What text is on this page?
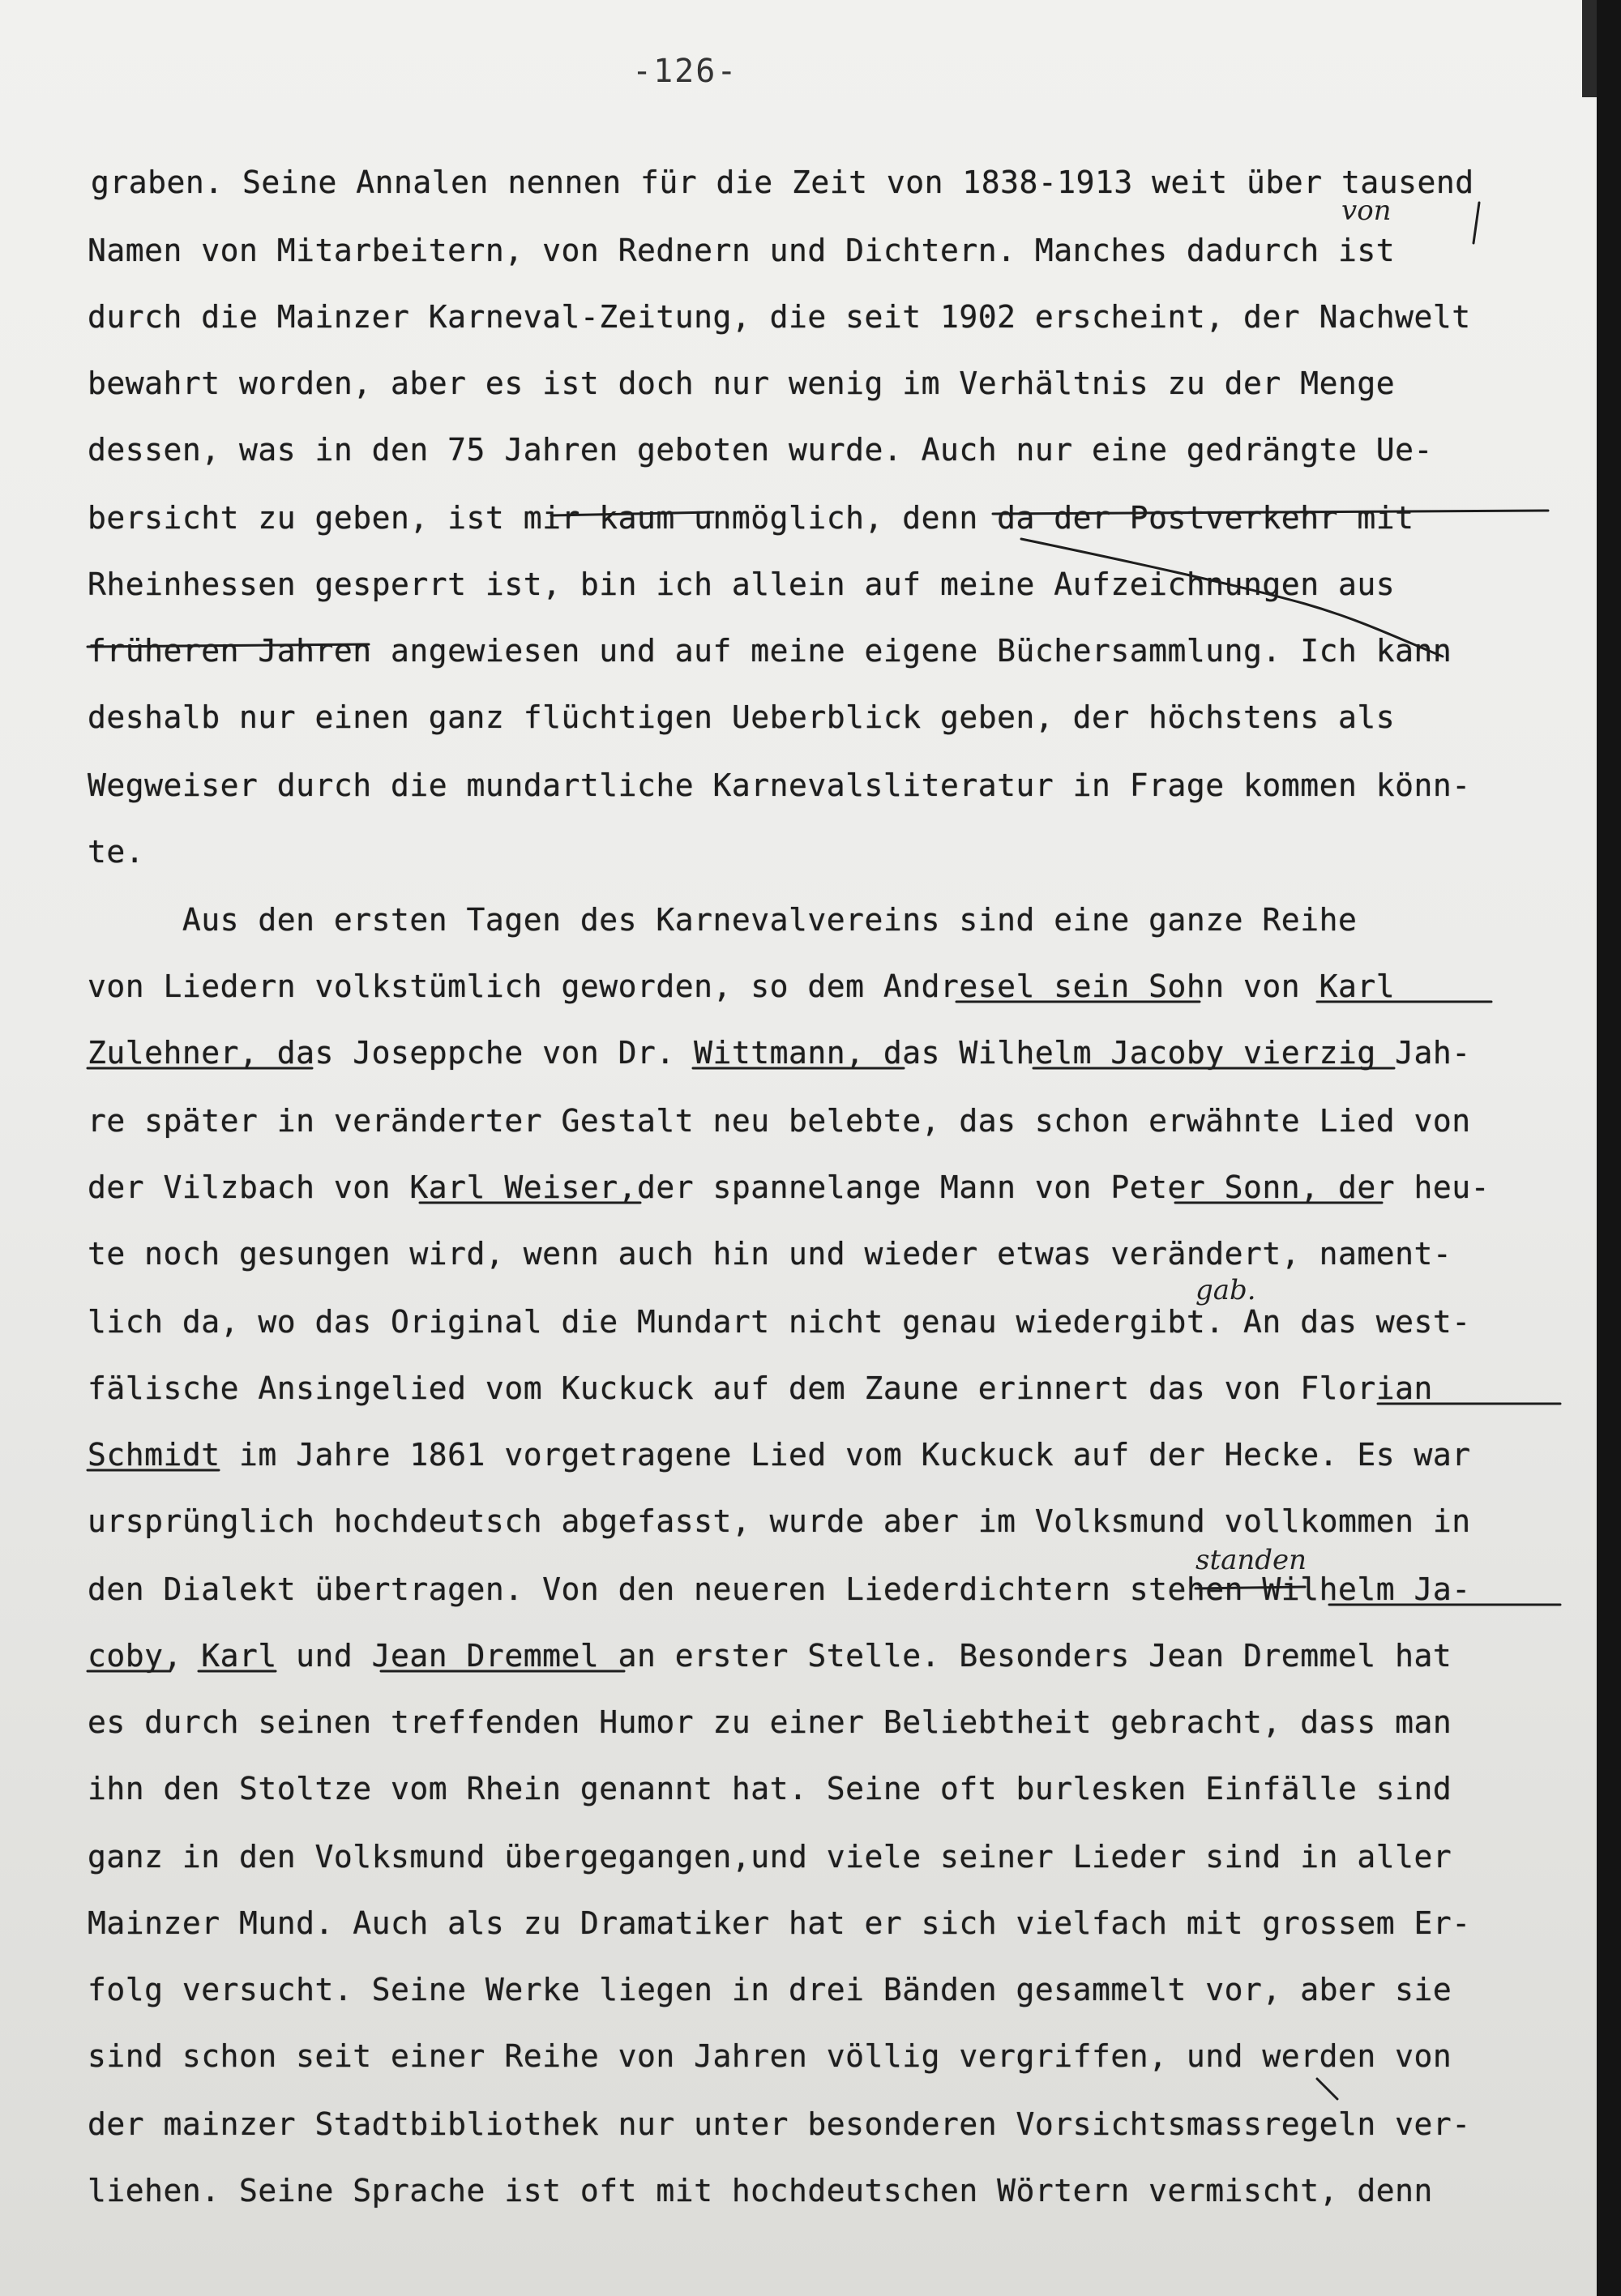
-126-
graben. Seine Annalen nennen für die Zeit von 1838-1913 weit über tausend
Namen von Mitarbeitern, von Rednern und Dichtern. Manches dadurch ist
durch die Mainzer Karneval-Zeitung, die seit 1902 erscheint, der Nachwelt
bewahrt worden, aber es ist doch nur wenig im Verhältnis zu der Menge
dessen, was in den 75 Jahren geboten wurde. Auch nur eine gedrängte Ue-
bersicht zu geben, ist mir kaum unmöglich, denn da der Postverkehr mit
Rheinhessen gesperrt ist, bin ich allein auf meine Aufzeichnungen aus
früheren Jahren angewiesen und auf meine eigene Büchersammlung. Ich kann
deshalb nur einen ganz flüchtigen Ueberblick geben, der höchstens als
Wegweiser durch die mundartliche Karnevalsliteratur in Frage kommen könn-
te.
Aus den ersten Tagen des Karnevalvereins sind eine ganze Reihe
von Liedern volkstümlich geworden, so dem Andresel sein Sohn von Karl
Zulehner, das Joseppche von Dr. Wittmann, das Wilhelm Jacoby vierzig Jah-
re später in veränderter Gestalt neu belebte, das schon erwähnte Lied von
der Vilzbach von Karl Weiser,der spannelange Mann von Peter Sonn, der heu-
te noch gesungen wird, wenn auch hin und wieder etwas verändert, nament-
lich da, wo das Original die Mundart nicht genau wiedergibt. An das west-
fälische Ansingelied vom Kuckuck auf dem Zaune erinnert das von Florian
Schmidt im Jahre 1861 vorgetragene Lied vom Kuckuck auf der Hecke. Es war
ursprünglich hochdeutsch abgefasst, wurde aber im Volksmund vollkommen in
den Dialekt übertragen. Von den neueren Liederdichtern stehen Wilhelm Ja-
coby, Karl und Jean Dremmel an erster Stelle. Besonders Jean Dremmel hat
es durch seinen treffenden Humor zu einer Beliebtheit gebracht, dass man
ihn den Stoltze vom Rhein genannt hat. Seine oft burlesken Einfälle sind
ganz in den Volksmund übergegangen,und viele seiner Lieder sind in aller
Mainzer Mund. Auch als zu Dramatiker hat er sich vielfach mit grossem Er-
folg versucht. Seine Werke liegen in drei Bänden gesammelt vor, aber sie
sind schon seit einer Reihe von Jahren völlig vergriffen, und werden von
der mainzer Stadtbibliothek nur unter besonderen Vorsichtsmassregeln ver-
liehen. Seine Sprache ist oft mit hochdeutschen Wörtern vermischt, denn
von
gab.
standen
